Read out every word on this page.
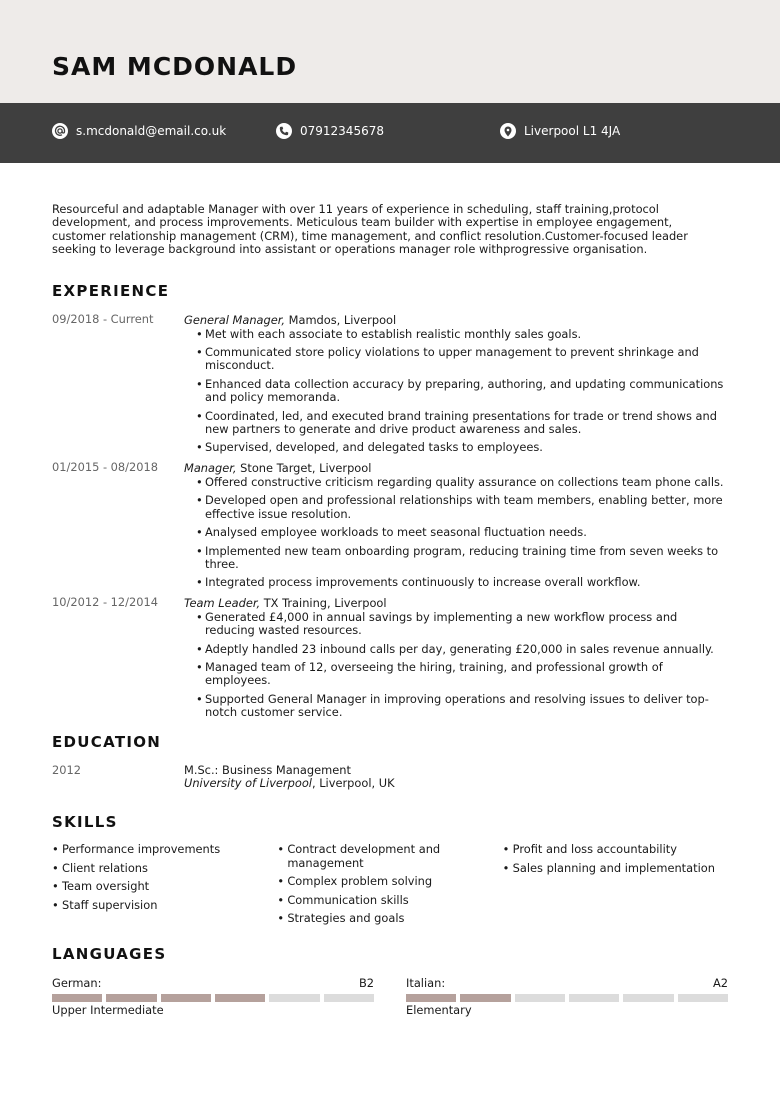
SAM MCDONALD
s.mcdonald@email.co.uk	07912345678	Liverpool L1 4JA

Resourceful and adaptable Manager with over 11 years of experience in scheduling, staff training,protocol development, and process improvements. Meticulous team builder with expertise in employee engagement, customer relationship management (CRM), time management, and conflict resolution.Customer-focused leader seeking to leverage background into assistant or operations manager role withprogressive organisation.

EXPERIENCE
09/2018 - Current	General Manager, Mamdos, Liverpool
• Met with each associate to establish realistic monthly sales goals.
• Communicated store policy violations to upper management to prevent shrinkage and misconduct.
• Enhanced data collection accuracy by preparing, authoring, and updating communications and policy memoranda.
• Coordinated, led, and executed brand training presentations for trade or trend shows and new partners to generate and drive product awareness and sales.
• Supervised, developed, and delegated tasks to employees.
01/2015 - 08/2018 Manager, Stone Target, Liverpool
• Offered constructive criticism regarding quality assurance on collections team phone calls.
• Developed open and professional relationships with team members, enabling better, more effective issue resolution.
• Analysed employee workloads to meet seasonal fluctuation needs.
• Implemented new team onboarding program, reducing training time from seven weeks to three.
• Integrated process improvements continuously to increase overall workflow.
10/2012 - 12/2014 Team Leader, TX Training, Liverpool
• Generated £4,000 in annual savings by implementing a new workflow process and reducing wasted resources.
• Adeptly handled 23 inbound calls per day, generating £20,000 in sales revenue annually.
• Managed team of 12, overseeing the hiring, training, and professional growth of employees.
• Supported General Manager in improving operations and resolving issues to deliver top-notch customer service.
EDUCATION
2012	M.Sc.: Business Management
University of Liverpool, Liverpool, UK
SKILLS
• Performance improvements
• Client relations
• Team oversight
• Staff supervision
• Contract development and management
• Complex problem solving
• Communication skills
• Strategies and goals
• Profit and loss accountability
• Sales planning and implementation
LANGUAGES
German:	B2
Upper Intermediate
Italian:	A2
Elementary
